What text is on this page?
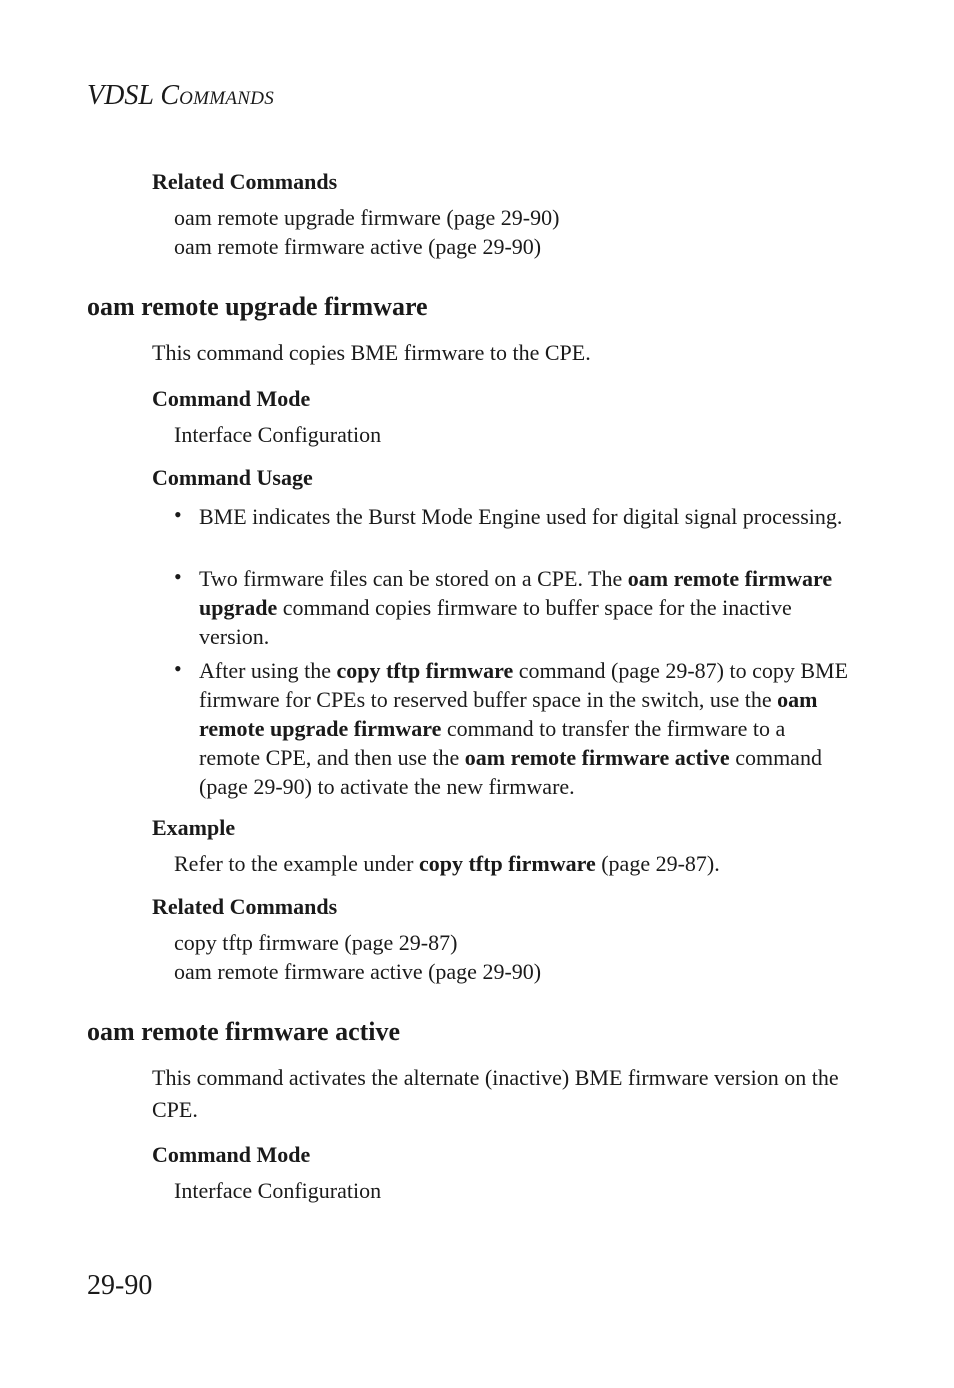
VDSL COMMANDS
Related Commands
oam remote upgrade firmware (page 29-90)
oam remote firmware active (page 29-90)
oam remote upgrade firmware
This command copies BME firmware to the CPE.
Command Mode
Interface Configuration
Command Usage
• BME indicates the Burst Mode Engine used for digital signal processing.
• Two firmware files can be stored on a CPE. The oam remote firmware upgrade command copies firmware to buffer space for the inactive version.
• After using the copy tftp firmware command (page 29-87) to copy BME firmware for CPEs to reserved buffer space in the switch, use the oam remote upgrade firmware command to transfer the firmware to a remote CPE, and then use the oam remote firmware active command (page 29-90) to activate the new firmware.
Example
Refer to the example under copy tftp firmware (page 29-87).
Related Commands
copy tftp firmware (page 29-87)
oam remote firmware active (page 29-90)
oam remote firmware active
This command activates the alternate (inactive) BME firmware version on the CPE.
Command Mode
Interface Configuration
29-90
